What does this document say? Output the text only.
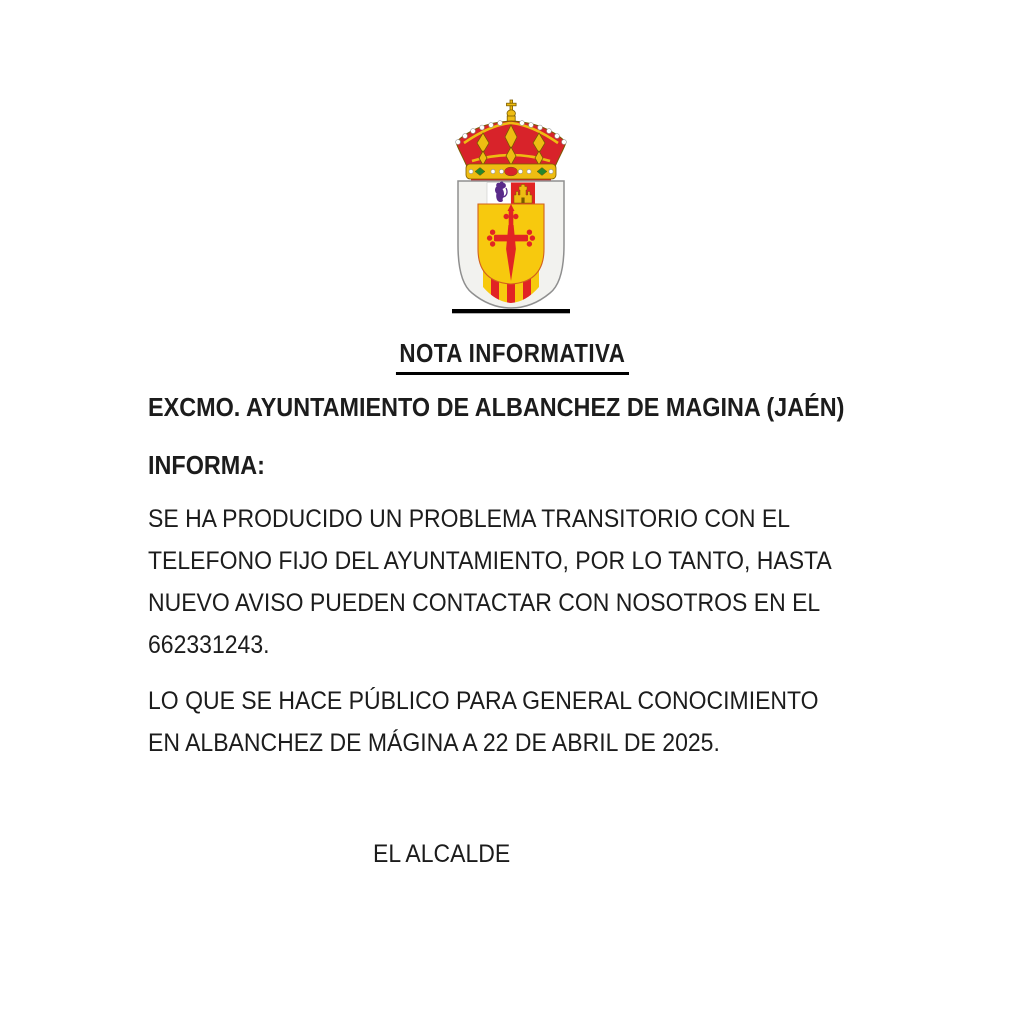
NOTA INFORMATIVA
EXCMO. AYUNTAMIENTO DE ALBANCHEZ DE MAGINA (JAÉN)
INFORMA:
SE HA PRODUCIDO UN PROBLEMA TRANSITORIO CON EL
TELEFONO FIJO DEL AYUNTAMIENTO, POR LO TANTO, HASTA
NUEVO AVISO PUEDEN CONTACTAR CON NOSOTROS EN EL
662331243.
LO QUE SE HACE PÚBLICO PARA GENERAL CONOCIMIENTO
EN ALBANCHEZ DE MÁGINA A 22 DE ABRIL DE 2025.
EL ALCALDE
